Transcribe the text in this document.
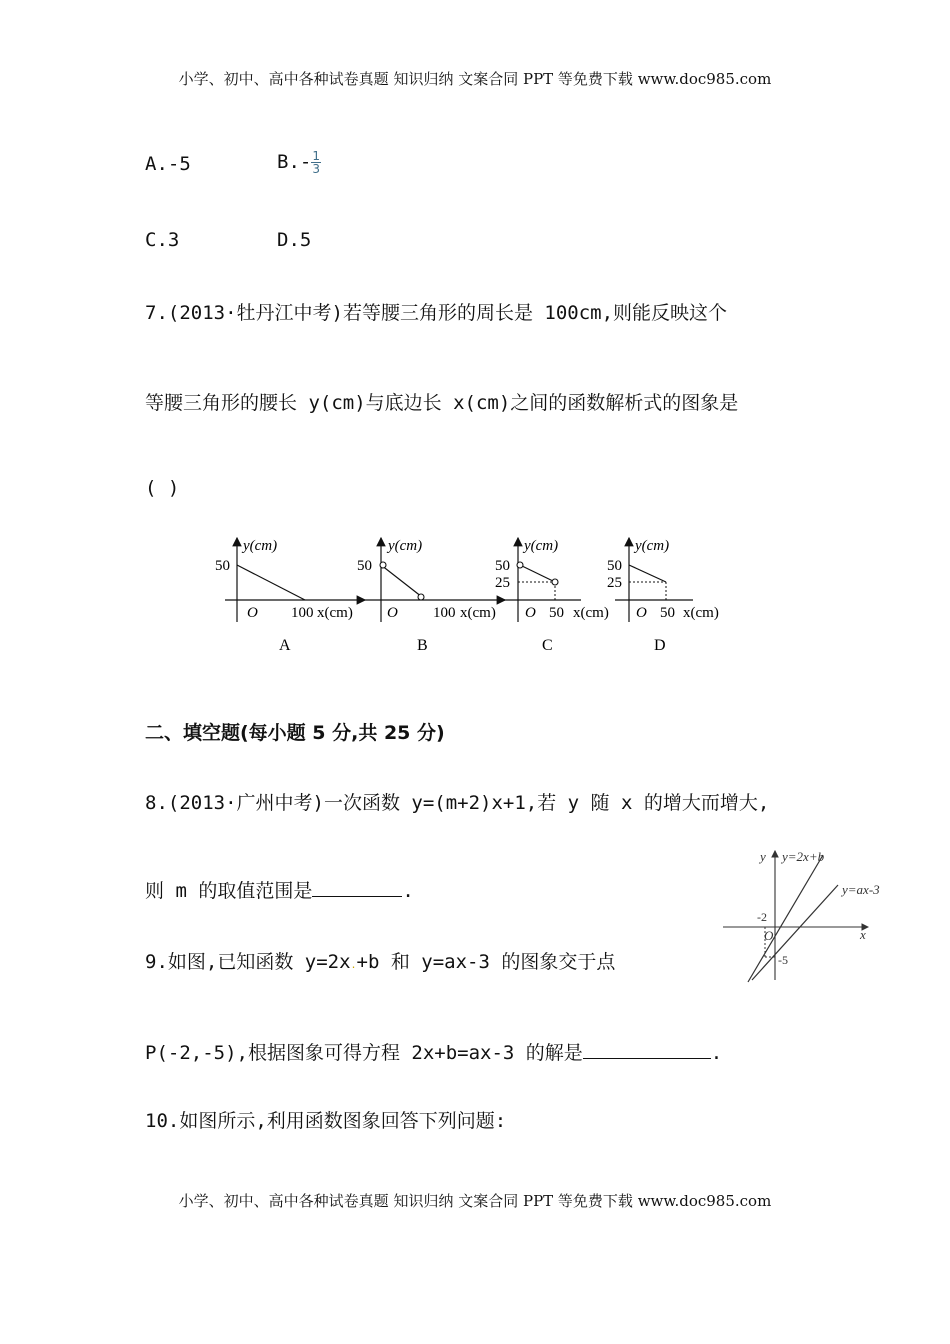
小学、初中、高中各种试卷真题 知识归纳 文案合同 PPT 等免费下载 www.doc985.com
小学、初中、高中各种试卷真题 知识归纳 文案合同 PPT 等免费下载 www.doc985.com
A.-5	$B.- \frac{1}{3}$
C.3	D.5
7.(2013·牡丹江中考)若等腰三角形的周长是 100cm,则能反映这个
等腰三角形的腰长 y(cm)与底边长 x(cm)之间的函数解析式的图象是
( )
y(cm)
50
O 100 x(cm)
A
y(cm)
50
O 100 x(cm)
B
y(cm)
50
25
O 50 x(cm)
C
y(cm)
50
25
O 50 x(cm)
D
二、填空题(每小题 5 分,共 25 分)
8.(2013·广州中考)一次函数 y=(m+2)x+1,若 y 随 x 的增大而增大,
则 m 的取值范围是	.
9.如图,已知函数 y=2x.+b 和 y=ax-3 的图象交于点
P(-2,-5),根据图象可得方程 2x+b=ax-3 的解是	.
y y=2x+b
y=ax-3
x
-2
O
-5
10.如图所示,利用函数图象回答下列问题:
